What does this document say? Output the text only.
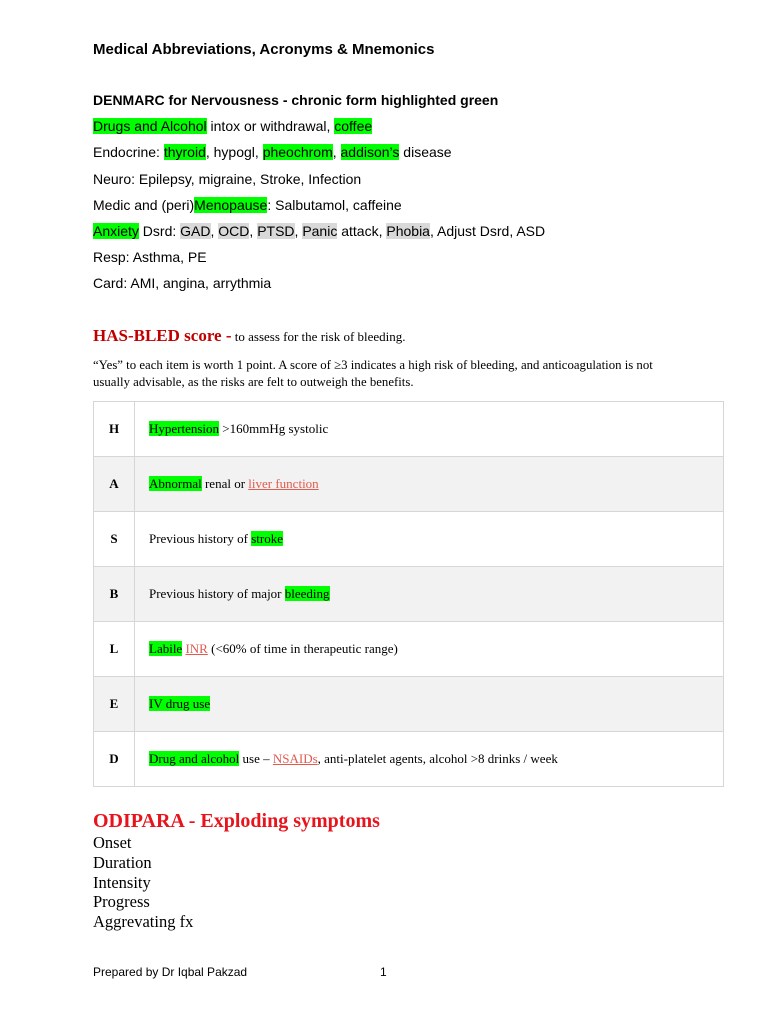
Medical Abbreviations, Acronyms & Mnemonics
DENMARC for Nervousness - chronic form highlighted green
Drugs and Alcohol intox or withdrawal, coffee
Endocrine: thyroid, hypogl, pheochrom, addison’s disease
Neuro: Epilepsy, migraine, Stroke, Infection
Medic and (peri)Menopause: Salbutamol, caffeine
Anxiety Dsrd: GAD, OCD, PTSD, Panic attack, Phobia, Adjust Dsrd, ASD
Resp: Asthma, PE
Card: AMI, angina, arrythmia
HAS-BLED score - to assess for the risk of bleeding.
“Yes” to each item is worth 1 point. A score of ≥3 indicates a high risk of bleeding, and anticoagulation is not usually advisable, as the risks are felt to outweigh the benefits.
H	Hypertension >160mmHg systolic
A	Abnormal renal or liver function
S	Previous history of stroke
B	Previous history of major bleeding
L	Labile INR (<60% of time in therapeutic range)
E	IV drug use
D	Drug and alcohol use – NSAIDs, anti-platelet agents, alcohol >8 drinks / week
ODIPARA - Exploding symptoms
Onset
Duration
Intensity
Progress
Aggrevating fx
Prepared by Dr Iqbal Pakzad	1
